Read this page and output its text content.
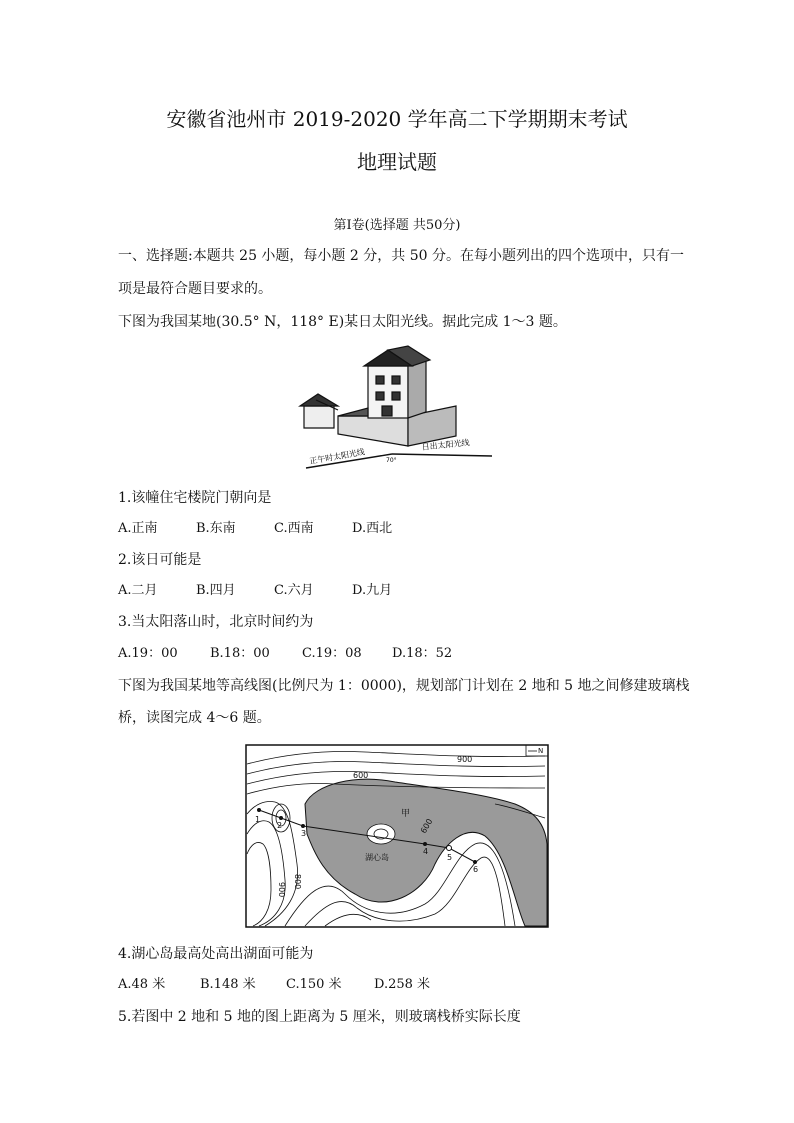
安徽省池州市 2019-2020 学年高二下学期期末考试
地理试题
第Ⅰ卷(选择题 共50分)
一、选择题:本题共 25 小题，每小题 2 分，共 50 分。在每小题列出的四个选项中，只有一
项是最符合题目要求的。
下图为我国某地(30.5° N，118° E)某日太阳光线。据此完成 1～3 题。
正午时太阳光线
日出太阳光线
70°
1.该幢住宅楼院门朝向是
A.正南	B.东南	C.西南	D.西北
2.该日可能是
A.二月	B.四月	C.六月	D.九月
3.当太阳落山时，北京时间约为
A.19：00 B.18：00 C.19：08 D.18：52
下图为我国某地等高线图(比例尺为 1：0000)，规划部门计划在 2 地和 5 地之间修建玻璃栈
桥，读图完成 4～6 题。
1
2
3
4
5
6
900
600
800
900
600
甲
湖心岛
N
4.湖心岛最高处高出湖面可能为
A.48 米	B.148 米 C.150 米 D.258 米
5.若图中 2 地和 5 地的图上距离为 5 厘米，则玻璃栈桥实际长度
